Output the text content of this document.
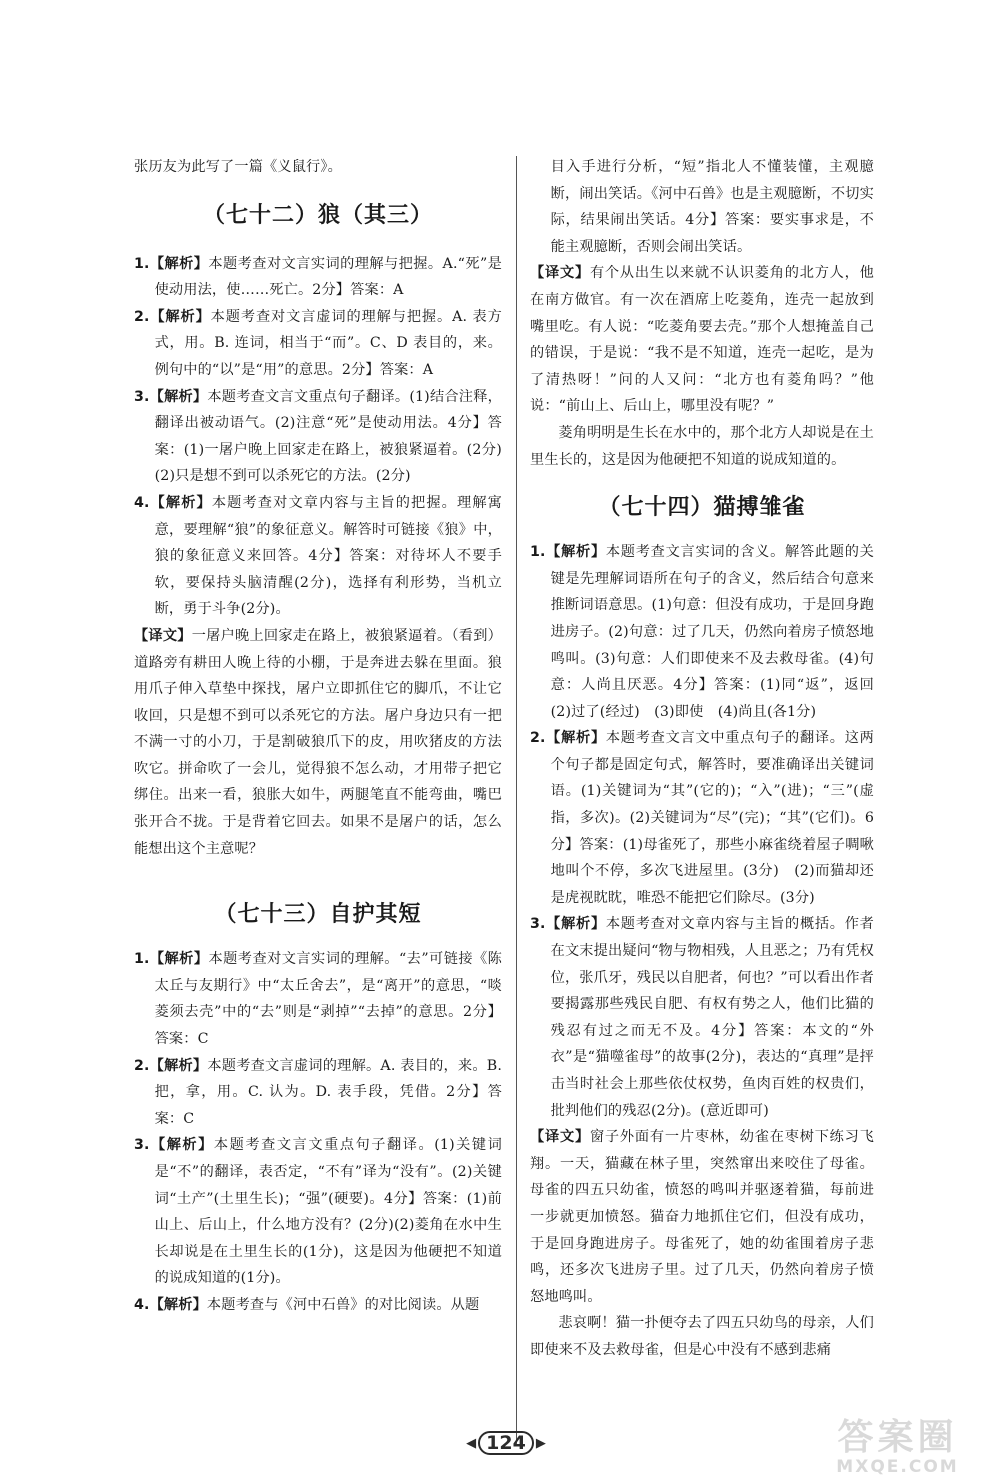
张历友为此写了一篇《义鼠行》。

（七十二）狼（其三）

1.【解析】本题考查对文言实词的理解与把握。A.“死”是使动用法，使……死亡。2分】答案：A

2.【解析】本题考查对文言虚词的理解与把握。A. 表方式，用。B. 连词，相当于“而”。C、D 表目的，来。例句中的“以”是“用”的意思。2分】答案：A

3.【解析】本题考查文言文重点句子翻译。(1)结合注释，翻译出被动语气。(2)注意“死”是使动用法。4分】答案：(1)一屠户晚上回家走在路上，被狼紧逼着。(2分)　(2)只是想不到可以杀死它的方法。(2分)

4.【解析】本题考查对文章内容与主旨的把握。理解寓意，要理解“狼”的象征意义。解答时可链接《狼》中，狼的象征意义来回答。4分】答案：对待坏人不要手软，要保持头脑清醒(2分)，选择有利形势，当机立断，勇于斗争(2分)。

【译文】一屠户晚上回家走在路上，被狼紧逼着。（看到）道路旁有耕田人晚上待的小棚，于是奔进去躲在里面。狼用爪子伸入草垫中探找，屠户立即抓住它的脚爪，不让它收回，只是想不到可以杀死它的方法。屠户身边只有一把不满一寸的小刀，于是割破狼爪下的皮，用吹猪皮的方法吹它。拼命吹了一会儿，觉得狼不怎么动，才用带子把它绑住。出来一看，狼胀大如牛，两腿笔直不能弯曲，嘴巴张开合不拢。于是背着它回去。如果不是屠户的话，怎么能想出这个主意呢？

（七十三）自护其短

1.【解析】本题考查对文言实词的理解。“去”可链接《陈太丘与友期行》中“太丘舍去”，是“离开”的意思，“啖菱须去壳”中的“去”则是“剥掉”“去掉”的意思。2分】答案：C

2.【解析】本题考查文言虚词的理解。A. 表目的，来。B. 把，拿，用。C. 认为。D. 表手段，凭借。2分】答案：C

3.【解析】本题考查文言文重点句子翻译。(1)关键词是“不”的翻译，表否定，“不有”译为“没有”。(2)关键词“土产”(土里生长)；“强”(硬要)。4分】答案：(1)前山上、后山上，什么地方没有？(2分)(2)菱角在水中生长却说是在土里生长的(1分)，这是因为他硬把不知道的说成知道的(1分)。

4.【解析】本题考查与《河中石兽》的对比阅读。从题

目入手进行分析，“短”指北人不懂装懂，主观臆断，闹出笑话。《河中石兽》也是主观臆断，不切实际，结果闹出笑话。4分】答案：要实事求是，不能主观臆断，否则会闹出笑话。

【译文】有个从出生以来就不认识菱角的北方人，他在南方做官。有一次在酒席上吃菱角，连壳一起放到嘴里吃。有人说：“吃菱角要去壳。”那个人想掩盖自己的错误，于是说：“我不是不知道，连壳一起吃，是为了清热呀！”问的人又问：“北方也有菱角吗？”他说：“前山上、后山上，哪里没有呢？”

菱角明明是生长在水中的，那个北方人却说是在土里生长的，这是因为他硬把不知道的说成知道的。

（七十四）猫搏雏雀

1.【解析】本题考查文言实词的含义。解答此题的关键是先理解词语所在句子的含义，然后结合句意来推断词语意思。(1)句意：但没有成功，于是回身跑进房子。(2)句意：过了几天，仍然向着房子愤怒地鸣叫。(3)句意：人们即使来不及去救母雀。(4)句意：人尚且厌恶。4分】答案：(1)同“返”，返回　(2)过了(经过)　(3)即使　(4)尚且(各1分)

2.【解析】本题考查文言文中重点句子的翻译。这两个句子都是固定句式，解答时，要准确译出关键词语。(1)关键词为“其”(它的)；“入”(进)；“三”(虚指，多次)。(2)关键词为“尽”(完)；“其”(它们)。6分】答案：(1)母雀死了，那些小麻雀绕着屋子啁啾地叫个不停，多次飞进屋里。(3分)　(2)而猫却还是虎视眈眈，唯恐不能把它们除尽。(3分)

3.【解析】本题考查对文章内容与主旨的概括。作者在文末提出疑问“物与物相残，人且恶之；乃有凭权位，张爪牙，残民以自肥者，何也？”可以看出作者要揭露那些残民自肥、有权有势之人，他们比猫的残忍有过之而无不及。4分】答案：本文的“外衣”是“猫噬雀母”的故事(2分)，表达的“真理”是抨击当时社会上那些依仗权势，鱼肉百姓的权贵们，批判他们的残忍(2分)。(意近即可)

【译文】窗子外面有一片枣林，幼雀在枣树下练习飞翔。一天，猫藏在林子里，突然窜出来咬住了母雀。母雀的四五只幼雀，愤怒的鸣叫并驱逐着猫，每前进一步就更加愤怒。猫奋力地抓住它们，但没有成功，于是回身跑进房子。母雀死了，她的幼雀围着房子悲鸣，还多次飞进房子里。过了几天，仍然向着房子愤怒地鸣叫。

悲哀啊！猫一扑便夺去了四五只幼鸟的母亲，人们即使来不及去救母雀，但是心中没有不感到悲痛

◀ 124 ▶	答案圈
MXQE.COM
